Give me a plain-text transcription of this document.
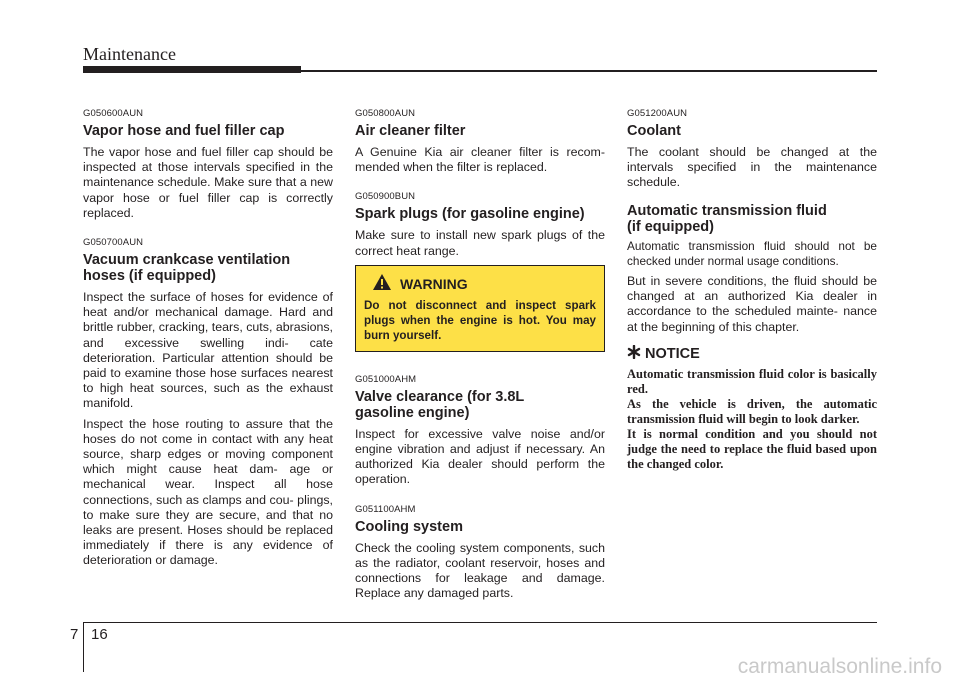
Maintenance
G050600AUN
Vapor hose and fuel filler cap

The vapor hose and fuel filler cap should be inspected at those intervals specified in the maintenance schedule. Make sure that a new vapor hose or fuel filler cap is correctly replaced.

G050700AUN
Vacuum crankcase ventilation hoses (if equipped)

Inspect the surface of hoses for evidence of heat and/or mechanical damage. Hard and brittle rubber, cracking, tears, cuts, abrasions, and excessive swelling indi- cate deterioration. Particular attention should be paid to examine those hose surfaces nearest to high heat sources, such as the exhaust manifold.

Inspect the hose routing to assure that the hoses do not come in contact with any heat source, sharp edges or moving component which might cause heat dam- age or mechanical wear. Inspect all hose connections, such as clamps and cou- plings, to make sure they are secure, and that no leaks are present. Hoses should be replaced immediately if there is any evidence of deterioration or damage.

G050800AUN
Air cleaner filter

A Genuine Kia air cleaner filter is recom- mended when the filter is replaced.

G050900BUN
Spark plugs (for gasoline engine)

Make sure to install new spark plugs of the correct heat range.

WARNING

Do not disconnect and inspect spark plugs when the engine is hot. You may burn yourself.

G051000AHM
Valve clearance (for 3.8L gasoline engine)

Inspect for excessive valve noise and/or engine vibration and adjust if necessary. An authorized Kia dealer should perform the operation.

G051100AHM
Cooling system

Check the cooling system components, such as the radiator, coolant reservoir, hoses and connections for leakage and damage. Replace any damaged parts.

G051200AUN
Coolant

The coolant should be changed at the intervals specified in the maintenance schedule.

Automatic transmission fluid (if equipped)

Automatic transmission fluid should not be checked under normal usage conditions.

But in severe conditions, the fluid should be changed at an authorized Kia dealer in accordance to the scheduled mainte- nance at the beginning of this chapter.

NOTICE

Automatic transmission fluid color is basically red.
As the vehicle is driven, the automatic transmission fluid will begin to look darker.
It is normal condition and you should not judge the need to replace the fluid based upon the changed color.

7 16
carmanualsonline.info
